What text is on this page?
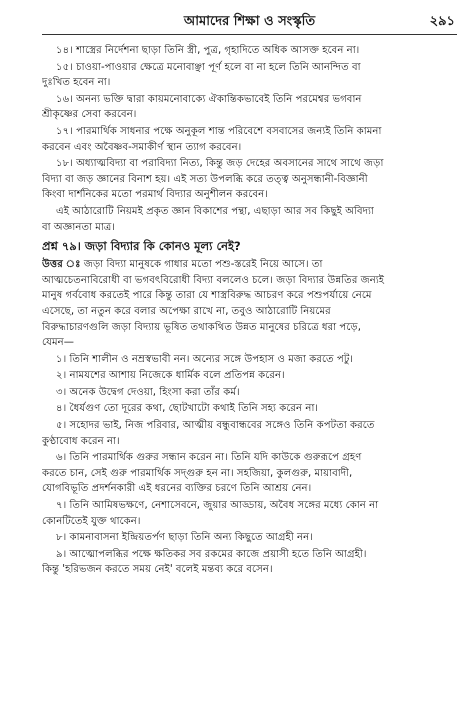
আমাদের শিক্ষা ও সংস্কৃতি	২৯১
১৪। শাস্ত্রের নির্দেশনা ছাড়া তিনি স্ত্রী, পুত্র, গৃহাদিতে অধিক আসক্ত হবেন না।
১৫। চাওয়া-পাওয়ার ক্ষেত্রে মনোবাঞ্ছা পূর্ণ হলে বা না হলে তিনি আনন্দিত বা
দুঃখিত হবেন না।
১৬। অনন্য ভক্তি দ্বারা কায়মনোবাক্যে ঐকান্তিকভাবেই তিনি পরমেশ্বর ভগবান
শ্রীকৃষ্ণের সেবা করবেন।
১৭। পারমার্থিক সাধনার পক্ষে অনুকূল শান্ত পরিবেশে বসবাসের জন্যই তিনি কামনা
করবেন এবং অবৈষ্ণব-সমাকীর্ণ স্থান ত্যাগ করবেন।
১৮। অধ্যাত্মবিদ্যা বা পরাবিদ্যা নিত্য, কিন্তু জড় দেহের অবসানের সাথে সাথে জড়া
বিদ্যা বা জড় জ্ঞানের বিনাশ হয়। এই সত্য উপলব্ধি করে তত্ত্ব অনুসন্ধানী-বিজ্ঞানী
কিংবা দার্শনিকের মতো পরমার্থ বিদ্যার অনুশীলন করবেন।
এই আঠারোটি নিয়মই প্রকৃত জ্ঞান বিকাশের পন্থা, এছাড়া আর সব কিছুই অবিদ্যা
বা অজ্ঞানতা মাত্র।
প্রশ্ন ৭৯। জড়া বিদ্যার কি কোনও মূল্য নেই?
উত্তর ঃ জড়া বিদ্যা মানুষকে গাধার মতো পশু-স্তরেই নিয়ে আসে। তা
আত্মচেতনাবিরোধী বা ভগবৎবিরোধী বিদ্যা বললেও চলে। জড়া বিদ্যার উন্নতির জন্যই
মানুষ গর্ববোধ করতেই পারে কিন্তু তারা যে শাস্ত্রবিরুদ্ধ আচরণ করে পশুপর্যায়ে নেমে
এসেছে, তা নতুন করে বলার অপেক্ষা রাখে না, তবুও আঠারোটি নিয়মের
বিরুদ্ধাচারণগুলি জড়া বিদ্যায় ভূষিত তথাকথিত উন্নত মানুষের চরিত্রে ধরা পড়ে,
যেমন—
১। তিনি শালীন ও নম্রস্বভাবী নন। অন্যের সঙ্গে উপহাস ও মজা করতে পটু।
২। নামযশের আশায় নিজেকে ধার্মিক বলে প্রতিপন্ন করেন।
৩। অনেক উদ্বেগ দেওয়া, হিংসা করা তাঁর কর্ম।
৪। ধৈর্যগুণ তো দূরের কথা, ছোটখাটো কথাই তিনি সহ্য করেন না।
৫। সহোদর ভাই, নিজ পরিবার, আত্মীয় বন্ধুবান্ধবের সঙ্গেও তিনি কপটতা করতে
কুণ্ঠাবোধ করেন না।
৬। তিনি পারমার্থিক গুরুর সন্ধান করেন না। তিনি যদি কাউকে গুরুরূপে গ্রহণ
করতে চান, সেই গুরু পারমার্থিক সদ্গুরু হন না। সহজিয়া, কুলগুরু, মায়াবাদী,
যোগবিভূতি প্রদর্শনকারী এই ধরনের ব্যক্তির চরণে তিনি আশ্রয় নেন।
৭। তিনি আমিষভক্ষণে, নেশাসেবনে, জুয়ার আড্ডায়, অবৈধ সঙ্গের মধ্যে কোন না
কোনটিতেই যুক্ত থাকেন।
৮। কামনাবাসনা ইন্দ্রিয়তর্পণ ছাড়া তিনি অন্য কিছুতে আগ্রহী নন।
৯। আত্মোপলব্ধির পক্ষে ক্ষতিকর সব রকমের কাজে প্রয়াসী হতে তিনি আগ্রহী।
কিন্তু 'হরিভজন করতে সময় নেই' বলেই মন্তব্য করে বসেন।
